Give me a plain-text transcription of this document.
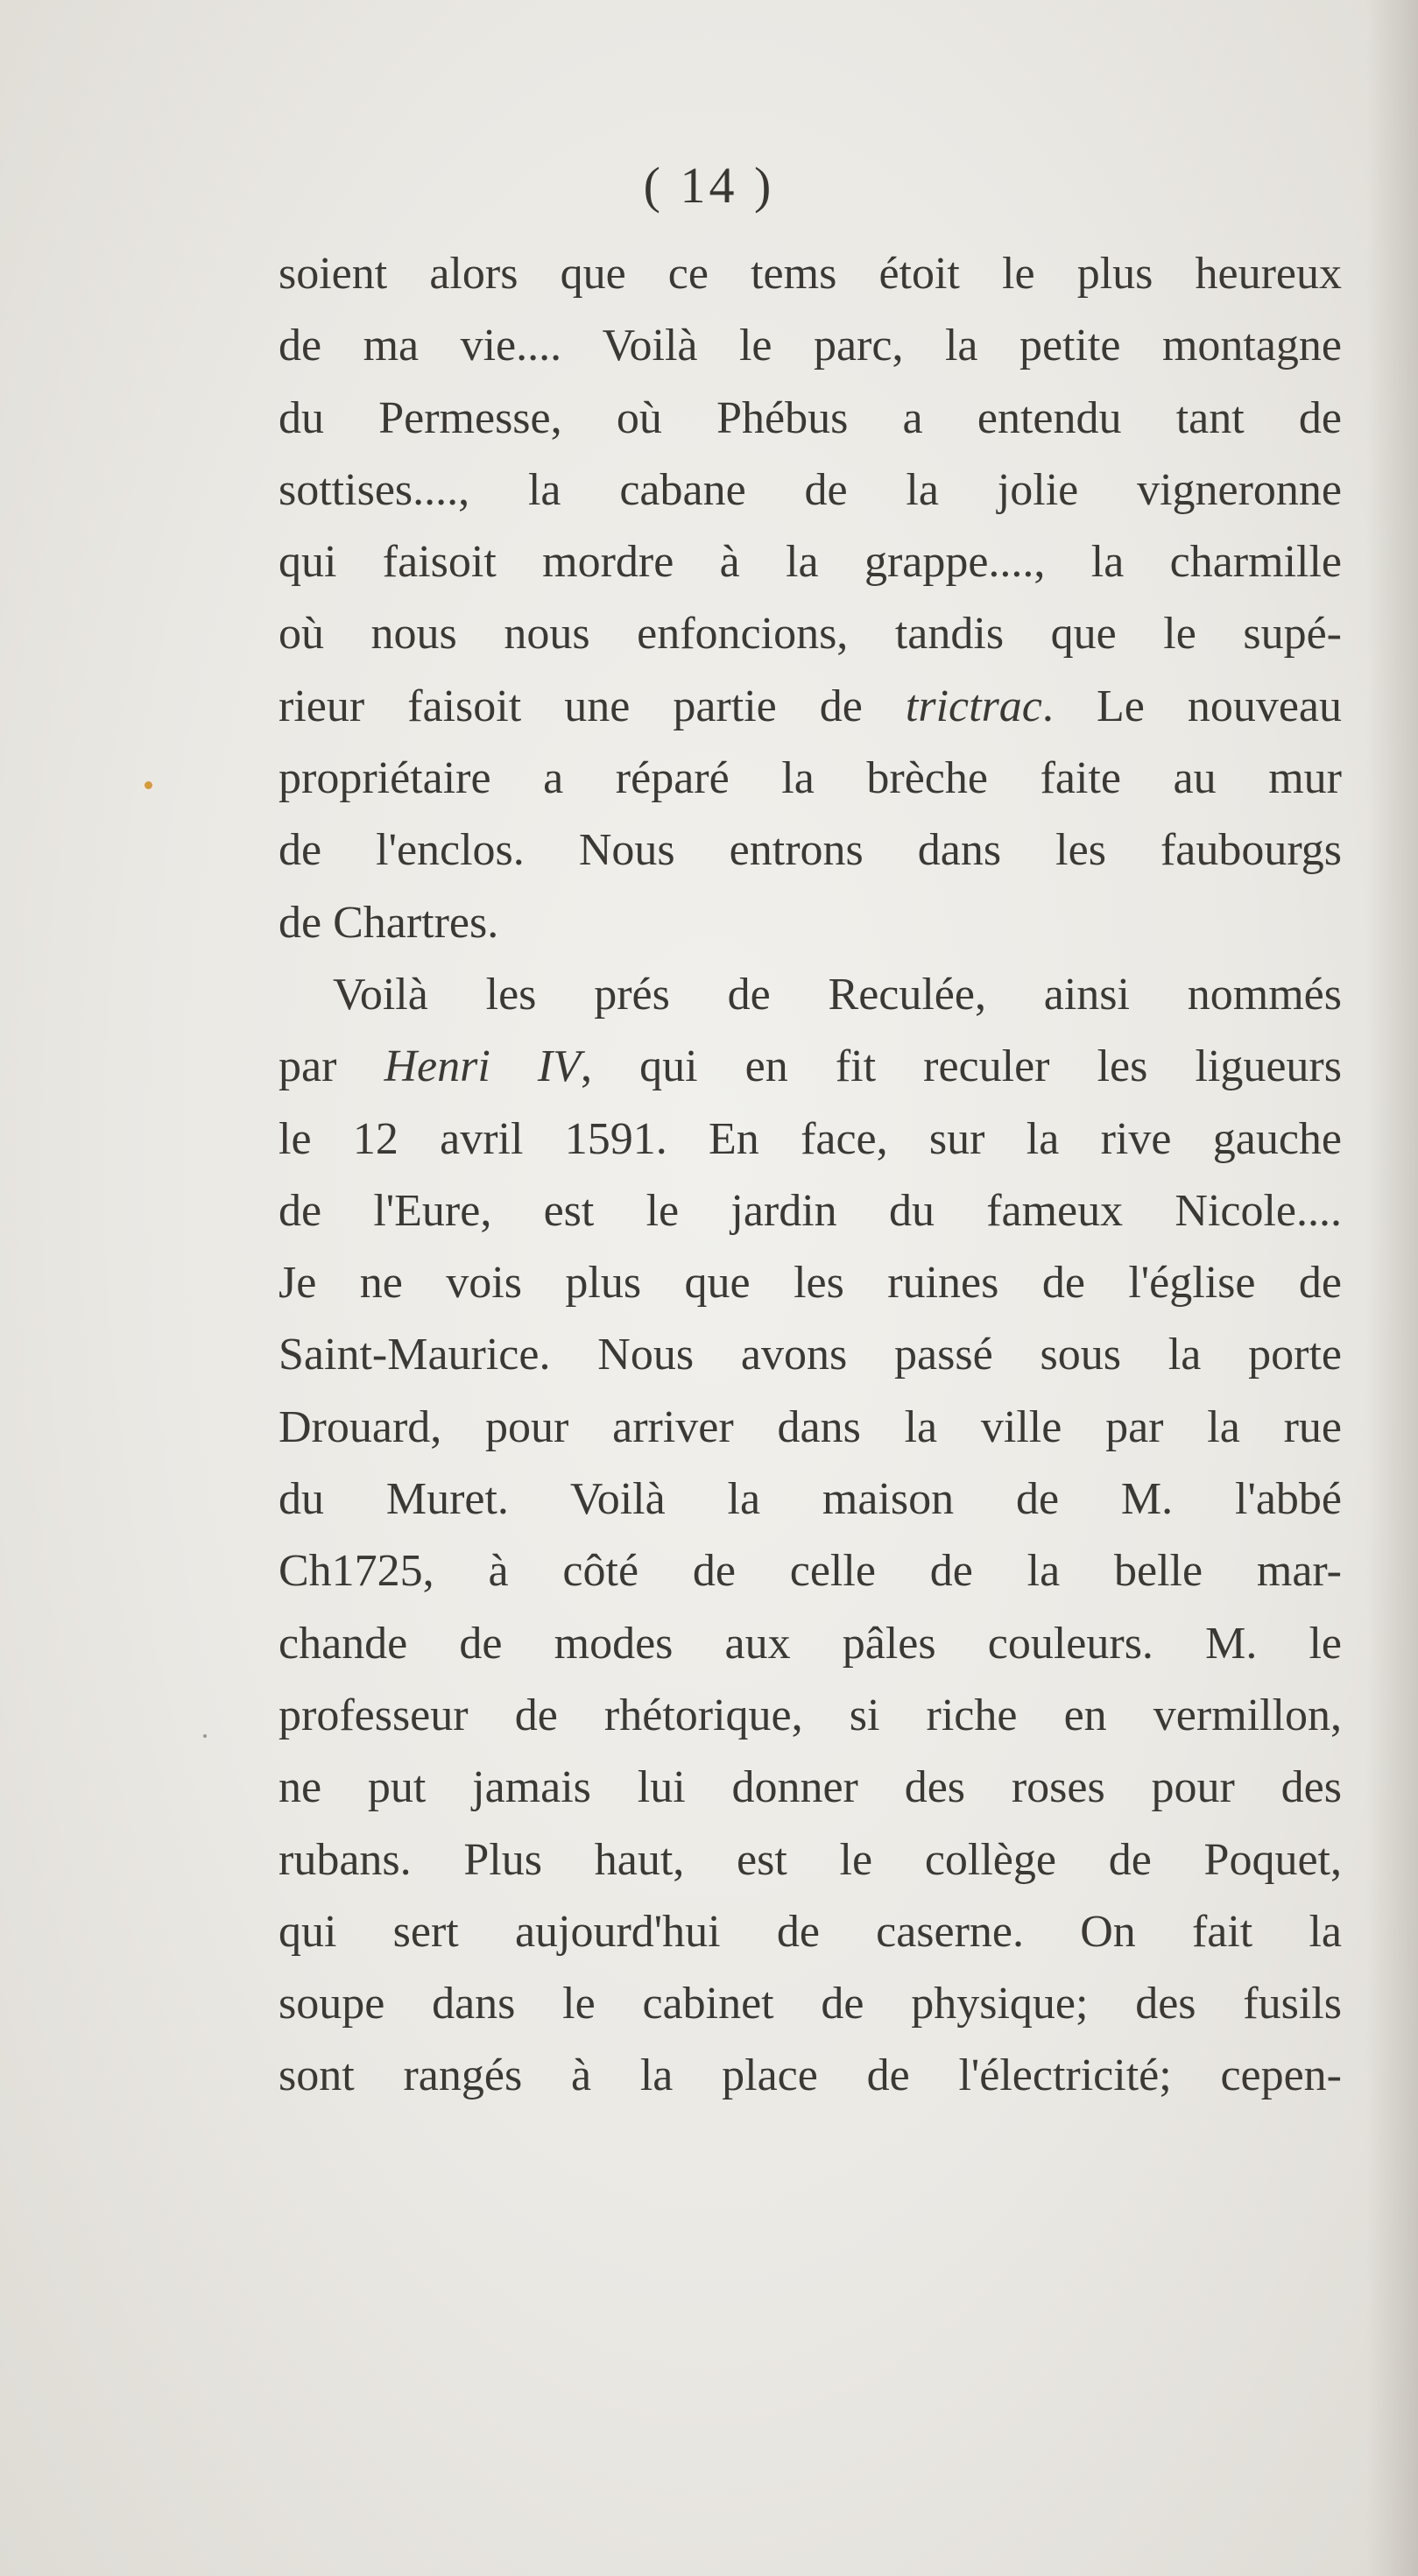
( 14 )
soient alors que ce tems étoit le plus heureux
de ma vie.... Voilà le parc, la petite montagne
du Permesse, où Phébus a entendu tant de
sottises...., la cabane de la jolie vigneronne
qui faisoit mordre à la grappe...., la charmille
où nous nous enfoncions, tandis que le supé-
rieur faisoit une partie de trictrac. Le nouveau
propriétaire a réparé la brèche faite au mur
de l'enclos. Nous entrons dans les faubourgs
de Chartres.
Voilà les prés de Reculée, ainsi nommés
par Henri IV, qui en fit reculer les ligueurs
le 12 avril 1591. En face, sur la rive gauche
de l'Eure, est le jardin du fameux Nicole....
Je ne vois plus que les ruines de l'église de
Saint-Maurice. Nous avons passé sous la porte
Drouard, pour arriver dans la ville par la rue
du Muret. Voilà la maison de M. l'abbé
Ch1725, à côté de celle de la belle mar-
chande de modes aux pâles couleurs. M. le
professeur de rhétorique, si riche en vermillon,
ne put jamais lui donner des roses pour des
rubans. Plus haut, est le collège de Poquet,
qui sert aujourd'hui de caserne. On fait la
soupe dans le cabinet de physique; des fusils
sont rangés à la place de l'électricité; cepen-
